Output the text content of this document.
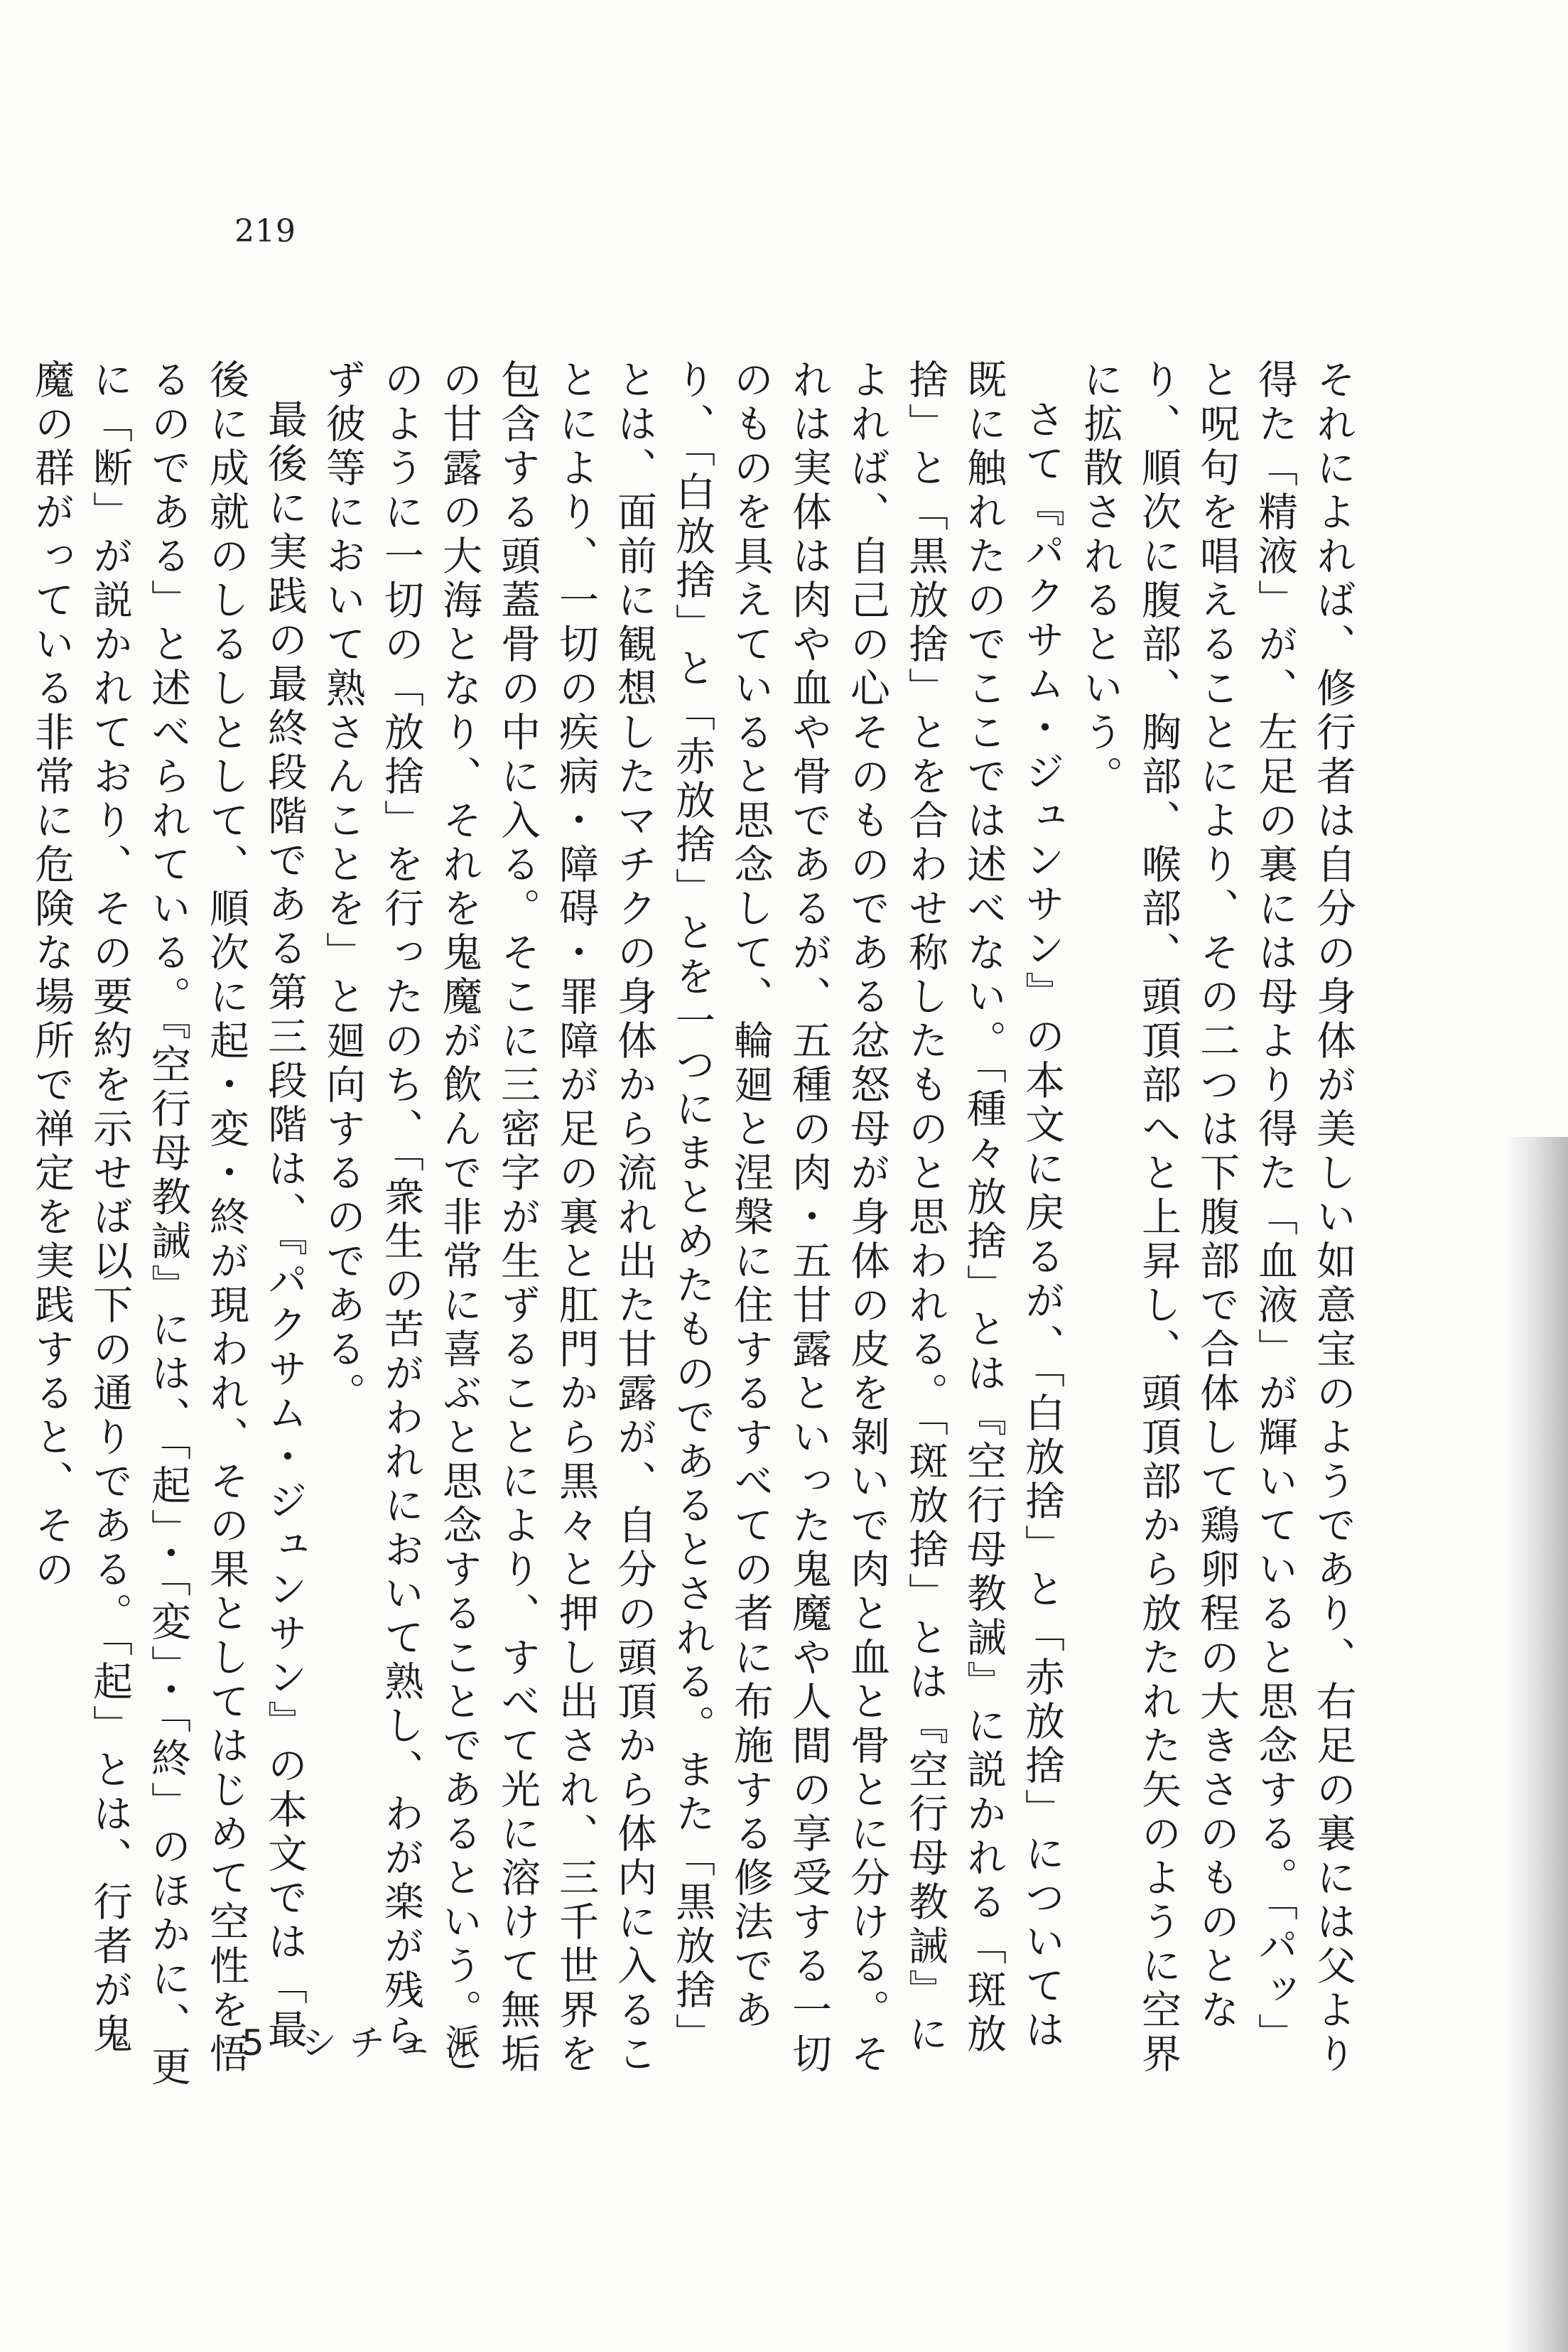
219

それによれば、修行者は自分の身体が美しい如意宝のようであり、右足の裏には父より得た「精液」が、左足の裏には母より得た「血液」が輝いていると思念する。「パッ」と呪句を唱えることにより、その二つは下腹部で合体して鶏卵程の大きさのものとなり、順次に腹部、胸部、喉部、頭頂部へと上昇し、頭頂部から放たれた矢のように空界に拡散されるという。

さて『パクサム・ジュンサン』の本文に戻るが、「白放捨」と「赤放捨」については既に触れたのでここでは述べない。「種々放捨」とは『空行母教誡』に説かれる「斑放捨」と「黒放捨」とを合わせ称したものと思われる。「斑放捨」とは『空行母教誡』によれば、自己の心そのものである忿怒母が身体の皮を剝いで肉と血と骨とに分ける。それは実体は肉や血や骨であるが、五種の肉・五甘露といった鬼魔や人間の享受する一切のものを具えていると思念して、輪廻と涅槃に住するすべての者に布施する修法であり、「白放捨」と「赤放捨」とを一つにまとめたものであるとされる。また「黒放捨」とは、面前に観想したマチクの身体から流れ出た甘露が、自分の頭頂から体内に入ることにより、一切の疾病・障碍・罪障が足の裏と肛門から黒々と押し出され、三千世界を包含する頭蓋骨の中に入る。そこに三密字が生ずることにより、すべて光に溶けて無垢の甘露の大海となり、それを鬼魔が飲んで非常に喜ぶと思念することであるという。このように一切の「放捨」を行ったのち、「衆生の苦がわれにおいて熟し、わが楽が残らず彼等において熟さんことを」と廻向するのである。

最後に実践の最終段階である第三段階は、『パクサム・ジュンサン』の本文では「最後に成就のしるしとして、順次に起・変・終が現われ、その果としてはじめて空性を悟るのである」と述べられている。『空行母教誡』には、「起」・「変」・「終」のほかに、更に「断」が説かれており、その要約を示せば以下の通りである。「起」とは、行者が鬼魔の群がっている非常に危険な場所で禅定を実践すると、その

5 シチェ派
